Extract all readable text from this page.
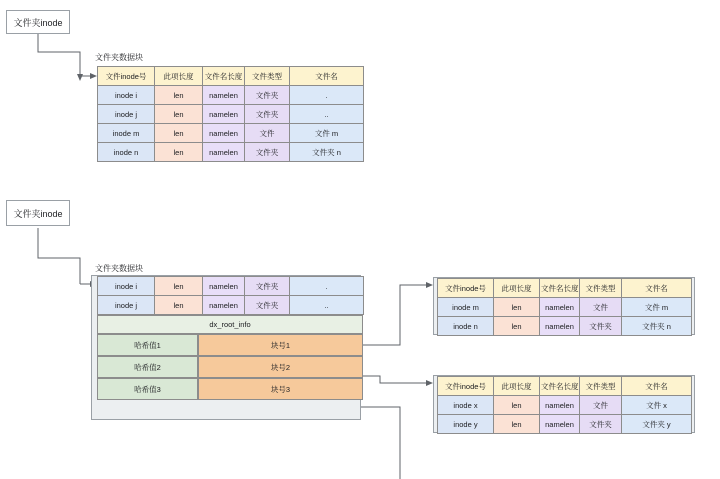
文件夹inode
文件夹数据块
文件inode号	此项长度	文件名长度	文件类型	文件名
inode i	len	namelen	文件夹	.
inode j	len	namelen	文件夹	..
inode m	len	namelen	文件	文件 m
inode n	len	namelen	文件夹	文件夹 n
文件夹inode
文件夹数据块
inode i	len	namelen	文件夹	.
inode j	len	namelen	文件夹	..
dx_root_info
哈希值1	块号1
哈希值2	块号2
哈希值3	块号3
文件inode号	此项长度	文件名长度	文件类型	文件名
inode m	len	namelen	文件	文件 m
inode n	len	namelen	文件夹	文件夹 n
文件inode号	此项长度	文件名长度	文件类型	文件名
inode x	len	namelen	文件	文件 x
inode y	len	namelen	文件夹	文件夹 y
